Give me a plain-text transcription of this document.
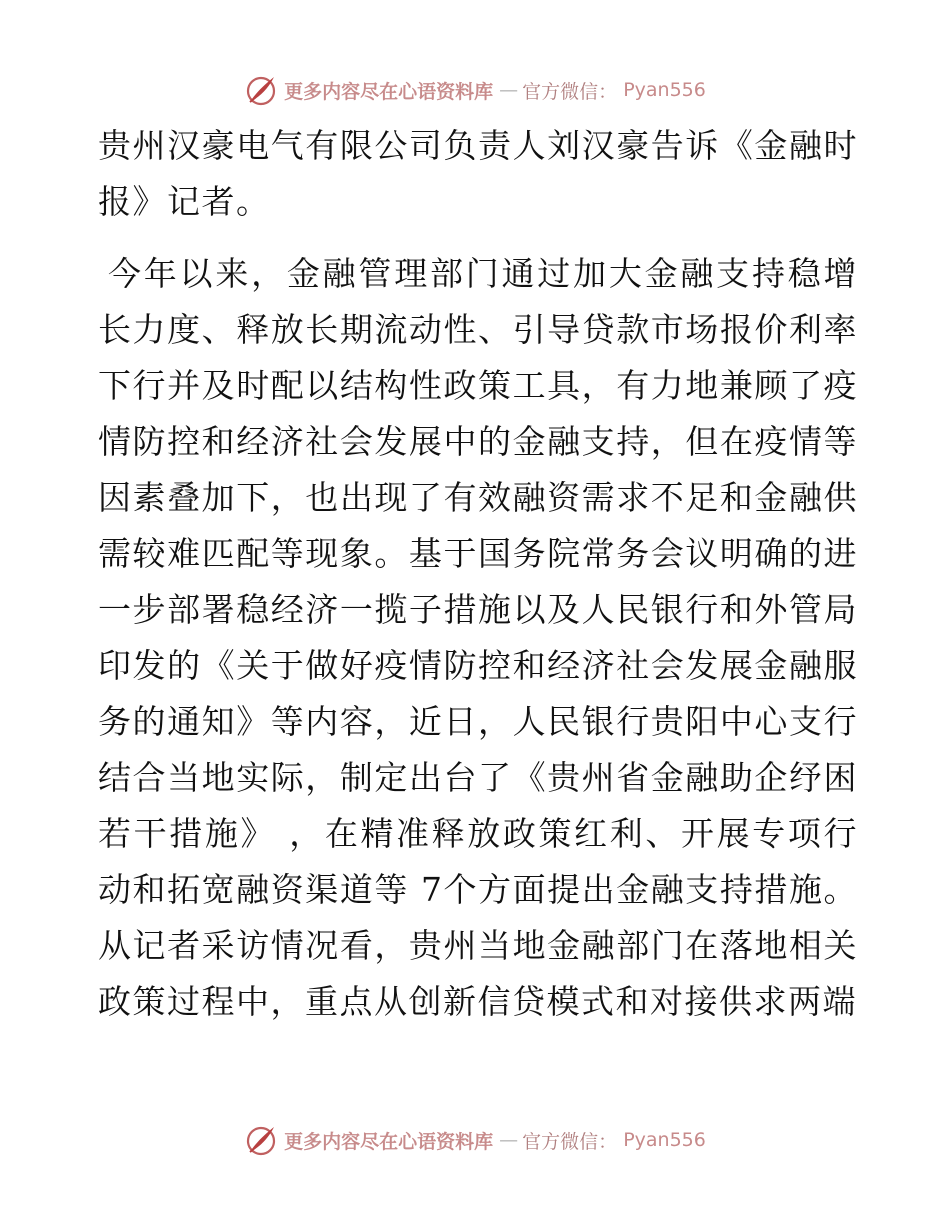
更多内容尽在心语资料库 — 官方微信： Pyan556

贵州汉豪电气有限公司负责人刘汉豪告诉《金融时报》记者。

今年以来，金融管理部门通过加大金融支持稳增长力度、释放长期流动性、引导贷款市场报价利率下行并及时配以结构性政策工具，有力地兼顾了疫情防控和经济社会发展中的金融支持，但在疫情等因素叠加下，也出现了有效融资需求不足和金融供需较难匹配等现象。基于国务院常务会议明确的进一步部署稳经济一揽子措施以及人民银行和外管局印发的《关于做好疫情防控和经济社会发展金融服务的通知》等内容，近日，人民银行贵阳中心支行结合当地实际，制定出台了《贵州省金融助企纾困若干措施》 ，在精准释放政策红利、开展专项行动和拓宽融资渠道等 7个方面提出金融支持措施。从记者采访情况看，贵州当地金融部门在落地相关政策过程中，重点从创新信贷模式和对接供求两端

更多内容尽在心语资料库 — 官方微信： Pyan556
